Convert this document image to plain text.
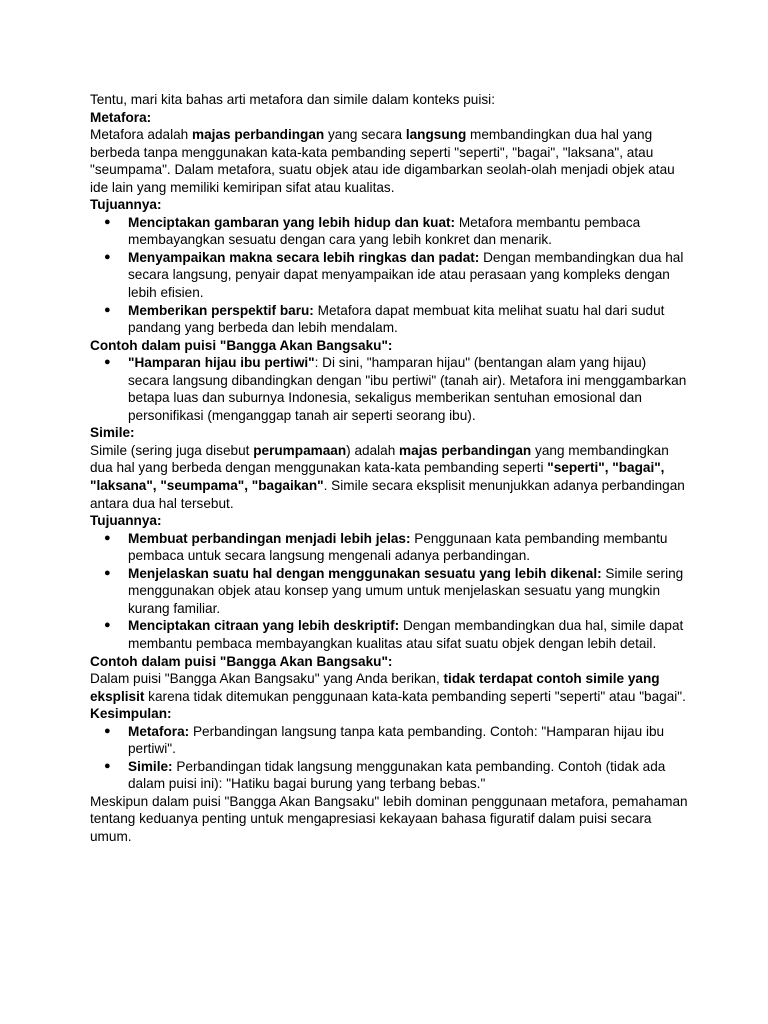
Tentu, mari kita bahas arti metafora dan simile dalam konteks puisi:

Metafora:

Metafora adalah majas perbandingan yang secara langsung membandingkan dua hal yang berbeda tanpa menggunakan kata-kata pembanding seperti "seperti", "bagai", "laksana", atau "seumpama". Dalam metafora, suatu objek atau ide digambarkan seolah-olah menjadi objek atau ide lain yang memiliki kemiripan sifat atau kualitas.

Tujuannya:

● Menciptakan gambaran yang lebih hidup dan kuat: Metafora membantu pembaca membayangkan sesuatu dengan cara yang lebih konkret dan menarik.
● Menyampaikan makna secara lebih ringkas dan padat: Dengan membandingkan dua hal secara langsung, penyair dapat menyampaikan ide atau perasaan yang kompleks dengan lebih efisien.
● Memberikan perspektif baru: Metafora dapat membuat kita melihat suatu hal dari sudut pandang yang berbeda dan lebih mendalam.

Contoh dalam puisi "Bangga Akan Bangsaku":

● "Hamparan hijau ibu pertiwi": Di sini, "hamparan hijau" (bentangan alam yang hijau) secara langsung dibandingkan dengan "ibu pertiwi" (tanah air). Metafora ini menggambarkan betapa luas dan suburnya Indonesia, sekaligus memberikan sentuhan emosional dan personifikasi (menganggap tanah air seperti seorang ibu).

Simile:

Simile (sering juga disebut perumpamaan) adalah majas perbandingan yang membandingkan dua hal yang berbeda dengan menggunakan kata-kata pembanding seperti "seperti", "bagai", "laksana", "seumpama", "bagaikan". Simile secara eksplisit menunjukkan adanya perbandingan antara dua hal tersebut.

Tujuannya:

● Membuat perbandingan menjadi lebih jelas: Penggunaan kata pembanding membantu pembaca untuk secara langsung mengenali adanya perbandingan.
● Menjelaskan suatu hal dengan menggunakan sesuatu yang lebih dikenal: Simile sering menggunakan objek atau konsep yang umum untuk menjelaskan sesuatu yang mungkin kurang familiar.
● Menciptakan citraan yang lebih deskriptif: Dengan membandingkan dua hal, simile dapat membantu pembaca membayangkan kualitas atau sifat suatu objek dengan lebih detail.

Contoh dalam puisi "Bangga Akan Bangsaku":

Dalam puisi "Bangga Akan Bangsaku" yang Anda berikan, tidak terdapat contoh simile yang eksplisit karena tidak ditemukan penggunaan kata-kata pembanding seperti "seperti" atau "bagai".

Kesimpulan:

● Metafora: Perbandingan langsung tanpa kata pembanding. Contoh: "Hamparan hijau ibu pertiwi".
● Simile: Perbandingan tidak langsung menggunakan kata pembanding. Contoh (tidak ada dalam puisi ini): "Hatiku bagai burung yang terbang bebas."

Meskipun dalam puisi "Bangga Akan Bangsaku" lebih dominan penggunaan metafora, pemahaman tentang keduanya penting untuk mengapresiasi kekayaan bahasa figuratif dalam puisi secara umum.
